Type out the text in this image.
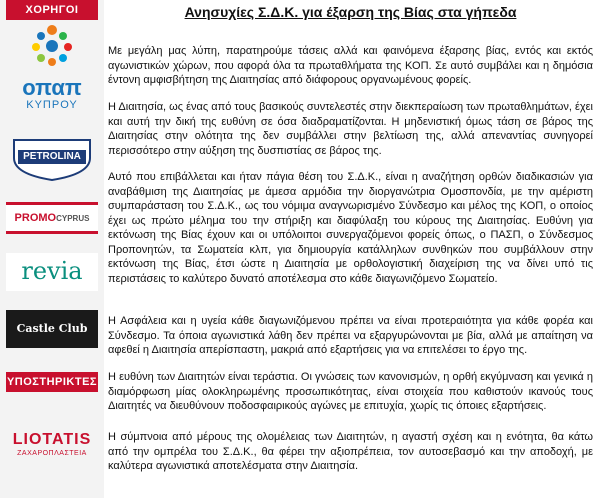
ΧΟΡΗΓΟΙ
οπαπ
ΚΥΠΡΟΥ
PETROLINA
PROMOCYPRUS
revia
Castle Club
ΥΠΟΣΤΗΡΙΚΤΕΣ
LIOTATIS
ΖΑΧΑΡΟΠΛΑΣΤΕΙΑ
Ανησυχίες Σ.Δ.Κ. για έξαρση της Βίας στα γήπεδα

Με μεγάλη μας λύπη, παρατηρούμε τάσεις αλλά και φαινόμενα έξαρσης βίας, εντός και εκτός αγωνιστικών χώρων, που αφορά όλα τα πρωταθλήματα της ΚΟΠ. Σε αυτό συμβάλει και η δημόσια έντονη αμφισβήτηση της Διαιτησίας από διάφορους οργανωμένους φορείς.

Η Διαιτησία, ως ένας από τους βασικούς συντελεστές στην διεκπεραίωση των πρωταθλημάτων, έχει και αυτή την δική της ευθύνη σε όσα διαδραματίζονται. Η μηδενιστική όμως τάση σε βάρος της Διαιτησίας στην ολότητα της δεν συμβάλλει στην βελτίωση της, αλλά απεναντίας συνηγορεί περισσότερο στην αύξηση της δυσπιστίας σε βάρος της.

Αυτό που επιβάλλεται και ήταν πάγια θέση του Σ.Δ.Κ., είναι η αναζήτηση ορθών διαδικασιών για αναβάθμιση της Διαιτησίας με άμεσα αρμόδια την διοργανώτρια Ομοσπονδία, με την αμέριστη συμπαράσταση του Σ.Δ.Κ., ως του νόμιμα αναγνωρισμένο Σύνδεσμο και μέλος της ΚΟΠ, ο οποίος έχει ως πρώτο μέλημα του την στήριξη και διαφύλαξη του κύρους της Διαιτησίας. Ευθύνη για εκτόνωση της Βίας έχουν και οι υπόλοιποι συνεργαζόμενοι φορείς όπως, ο ΠΑΣΠ, ο Σύνδεσμος Προπονητών, τα Σωματεία κλπ, για δημιουργία κατάλληλων συνθηκών που συμβάλλουν στην εκτόνωση της Βίας, έτσι ώστε η Διαιτησία με ορθολογιστική διαχείριση της να δίνει υπό τις περιστάσεις το καλύτερο δυνατό αποτέλεσμα στο κάθε διαγωνιζόμενο Σωματείο.

Η Ασφάλεια και η υγεία κάθε διαγωνιζόμενου πρέπει να είναι προτεραιότητα για κάθε φορέα και Σύνδεσμο. Τα όποια αγωνιστικά λάθη δεν πρέπει να εξαργυρώνονται με βία, αλλά με απαίτηση να αφεθεί η Διαιτησία απερίσπαστη, μακριά από εξαρτήσεις για να επιτελέσει το έργο της.

Η ευθύνη των Διαιτητών είναι τεράστια. Οι γνώσεις των κανονισμών, η ορθή εκγύμναση και γενικά η διαμόρφωση μίας ολοκληρωμένης προσωπικότητας, είναι στοιχεία που καθιστούν ικανούς τους Διαιτητές να διευθύνουν ποδοσφαιρικούς αγώνες με επιτυχία, χωρίς τις όποιες εξαρτήσεις.

Η σύμπνοια από μέρους της ολομέλειας των Διαιτητών, η αγαστή σχέση και η ενότητα, θα κάτω από την ομπρέλα του Σ.Δ.Κ., θα φέρει την αξιοπρέπεια, τον αυτοσεβασμό και την αποδοχή, με καλύτερα αγωνιστικά αποτελέσματα στην Διαιτησία.
